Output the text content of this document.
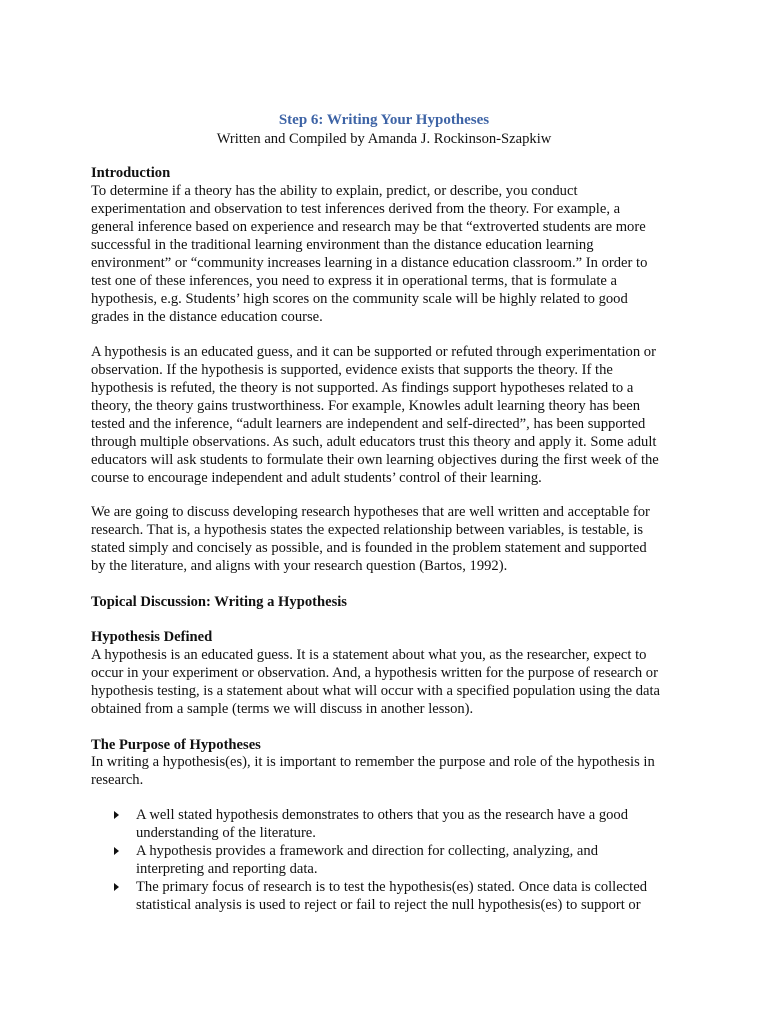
Step 6: Writing Your Hypotheses
Written and Compiled by Amanda J. Rockinson-Szapkiw
Introduction
To determine if a theory has the ability to explain, predict, or describe, you conduct
experimentation and observation to test inferences derived from the theory. For example, a
general inference based on experience and research may be that “extroverted students are more
successful in the traditional learning environment than the distance education learning
environment” or “community increases learning in a distance education classroom.” In order to
test one of these inferences, you need to express it in operational terms, that is formulate a
hypothesis, e.g. Students’ high scores on the community scale will be highly related to good
grades in the distance education course.
A hypothesis is an educated guess, and it can be supported or refuted through experimentation or
observation. If the hypothesis is supported, evidence exists that supports the theory. If the
hypothesis is refuted, the theory is not supported. As findings support hypotheses related to a
theory, the theory gains trustworthiness. For example, Knowles adult learning theory has been
tested and the inference, “adult learners are independent and self-directed”, has been supported
through multiple observations. As such, adult educators trust this theory and apply it. Some adult
educators will ask students to formulate their own learning objectives during the first week of the
course to encourage independent and adult students’ control of their learning.
We are going to discuss developing research hypotheses that are well written and acceptable for
research. That is, a hypothesis states the expected relationship between variables, is testable, is
stated simply and concisely as possible, and is founded in the problem statement and supported
by the literature, and aligns with your research question (Bartos, 1992).
Topical Discussion: Writing a Hypothesis
Hypothesis Defined
A hypothesis is an educated guess. It is a statement about what you, as the researcher, expect to
occur in your experiment or observation. And, a hypothesis written for the purpose of research or
hypothesis testing, is a statement about what will occur with a specified population using the data
obtained from a sample (terms we will discuss in another lesson).
The Purpose of Hypotheses
In writing a hypothesis(es), it is important to remember the purpose and role of the hypothesis in
research.
A well stated hypothesis demonstrates to others that you as the research have a good
understanding of the literature.
A hypothesis provides a framework and direction for collecting, analyzing, and
interpreting and reporting data.
The primary focus of research is to test the hypothesis(es) stated. Once data is collected
statistical analysis is used to reject or fail to reject the null hypothesis(es) to support or
